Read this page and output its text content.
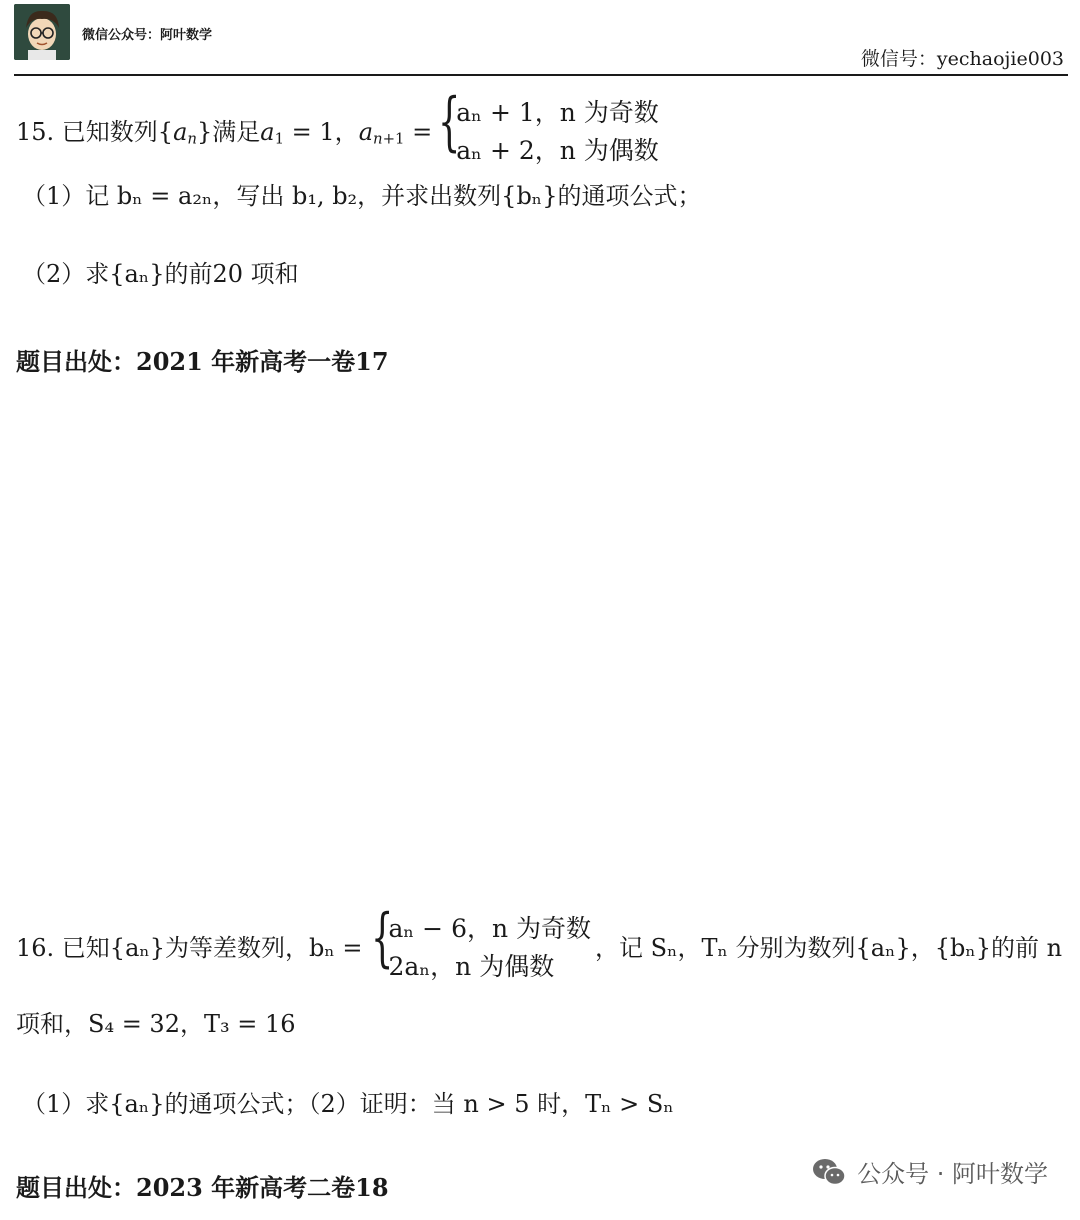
微信公众号：阿叶数学
微信号：yechaojie003
15. 已知数列$\{a_n\}$满足$a_1 = 1$，$a_{n+1}$ = {
aₙ + 1，n 为奇数
aₙ + 2，n 为偶数
（1）记 bₙ = a₂ₙ，写出 b₁, b₂，并求出数列{bₙ}的通项公式；
（2）求{aₙ}的前20 项和
题目出处：2021 年新高考一卷17
16. 已知{aₙ}为等差数列，bₙ = {
aₙ − 6，n 为奇数
2aₙ，n 为偶数
，记 Sₙ，Tₙ 分别为数列{aₙ}，{bₙ}的前 n
项和，S₄ = 32，T₃ = 16
（1）求{aₙ}的通项公式；（2）证明：当 n > 5 时，Tₙ > Sₙ
题目出处：2023 年新高考二卷18	公众号 · 阿叶数学
